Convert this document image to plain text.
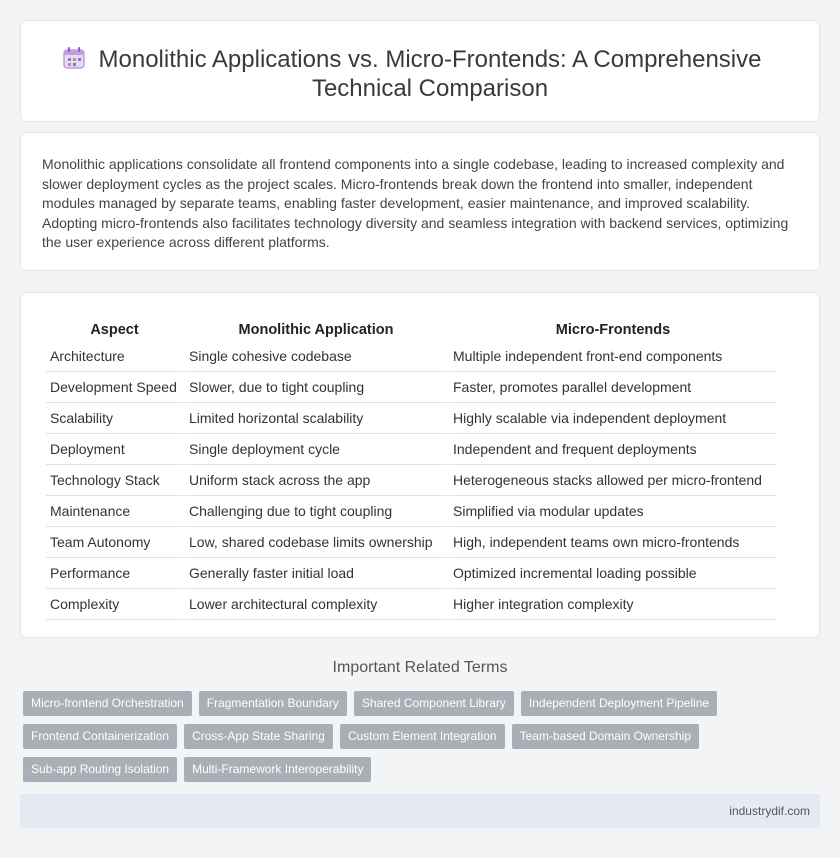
Monolithic Applications vs. Micro-Frontends: A Comprehensive Technical Comparison

Monolithic applications consolidate all frontend components into a single codebase, leading to increased complexity and slower deployment cycles as the project scales. Micro-frontends break down the frontend into smaller, independent modules managed by separate teams, enabling faster development, easier maintenance, and improved scalability. Adopting micro-frontends also facilitates technology diversity and seamless integration with backend services, optimizing the user experience across different platforms.

Aspect	Monolithic Application	Micro-Frontends
Architecture	Single cohesive codebase	Multiple independent front-end components
Development Speed	Slower, due to tight coupling	Faster, promotes parallel development
Scalability	Limited horizontal scalability	Highly scalable via independent deployment
Deployment	Single deployment cycle	Independent and frequent deployments
Technology Stack	Uniform stack across the app	Heterogeneous stacks allowed per micro-frontend
Maintenance	Challenging due to tight coupling	Simplified via modular updates
Team Autonomy	Low, shared codebase limits ownership	High, independent teams own micro-frontends
Performance	Generally faster initial load	Optimized incremental loading possible
Complexity	Lower architectural complexity	Higher integration complexity
Important Related Terms
Micro-frontend Orchestration	Fragmentation Boundary	Shared Component Library	Independent Deployment Pipeline
Frontend Containerization	Cross-App State Sharing	Custom Element Integration	Team-based Domain Ownership
Sub-app Routing Isolation	Multi-Framework Interoperability
industrydif.com
